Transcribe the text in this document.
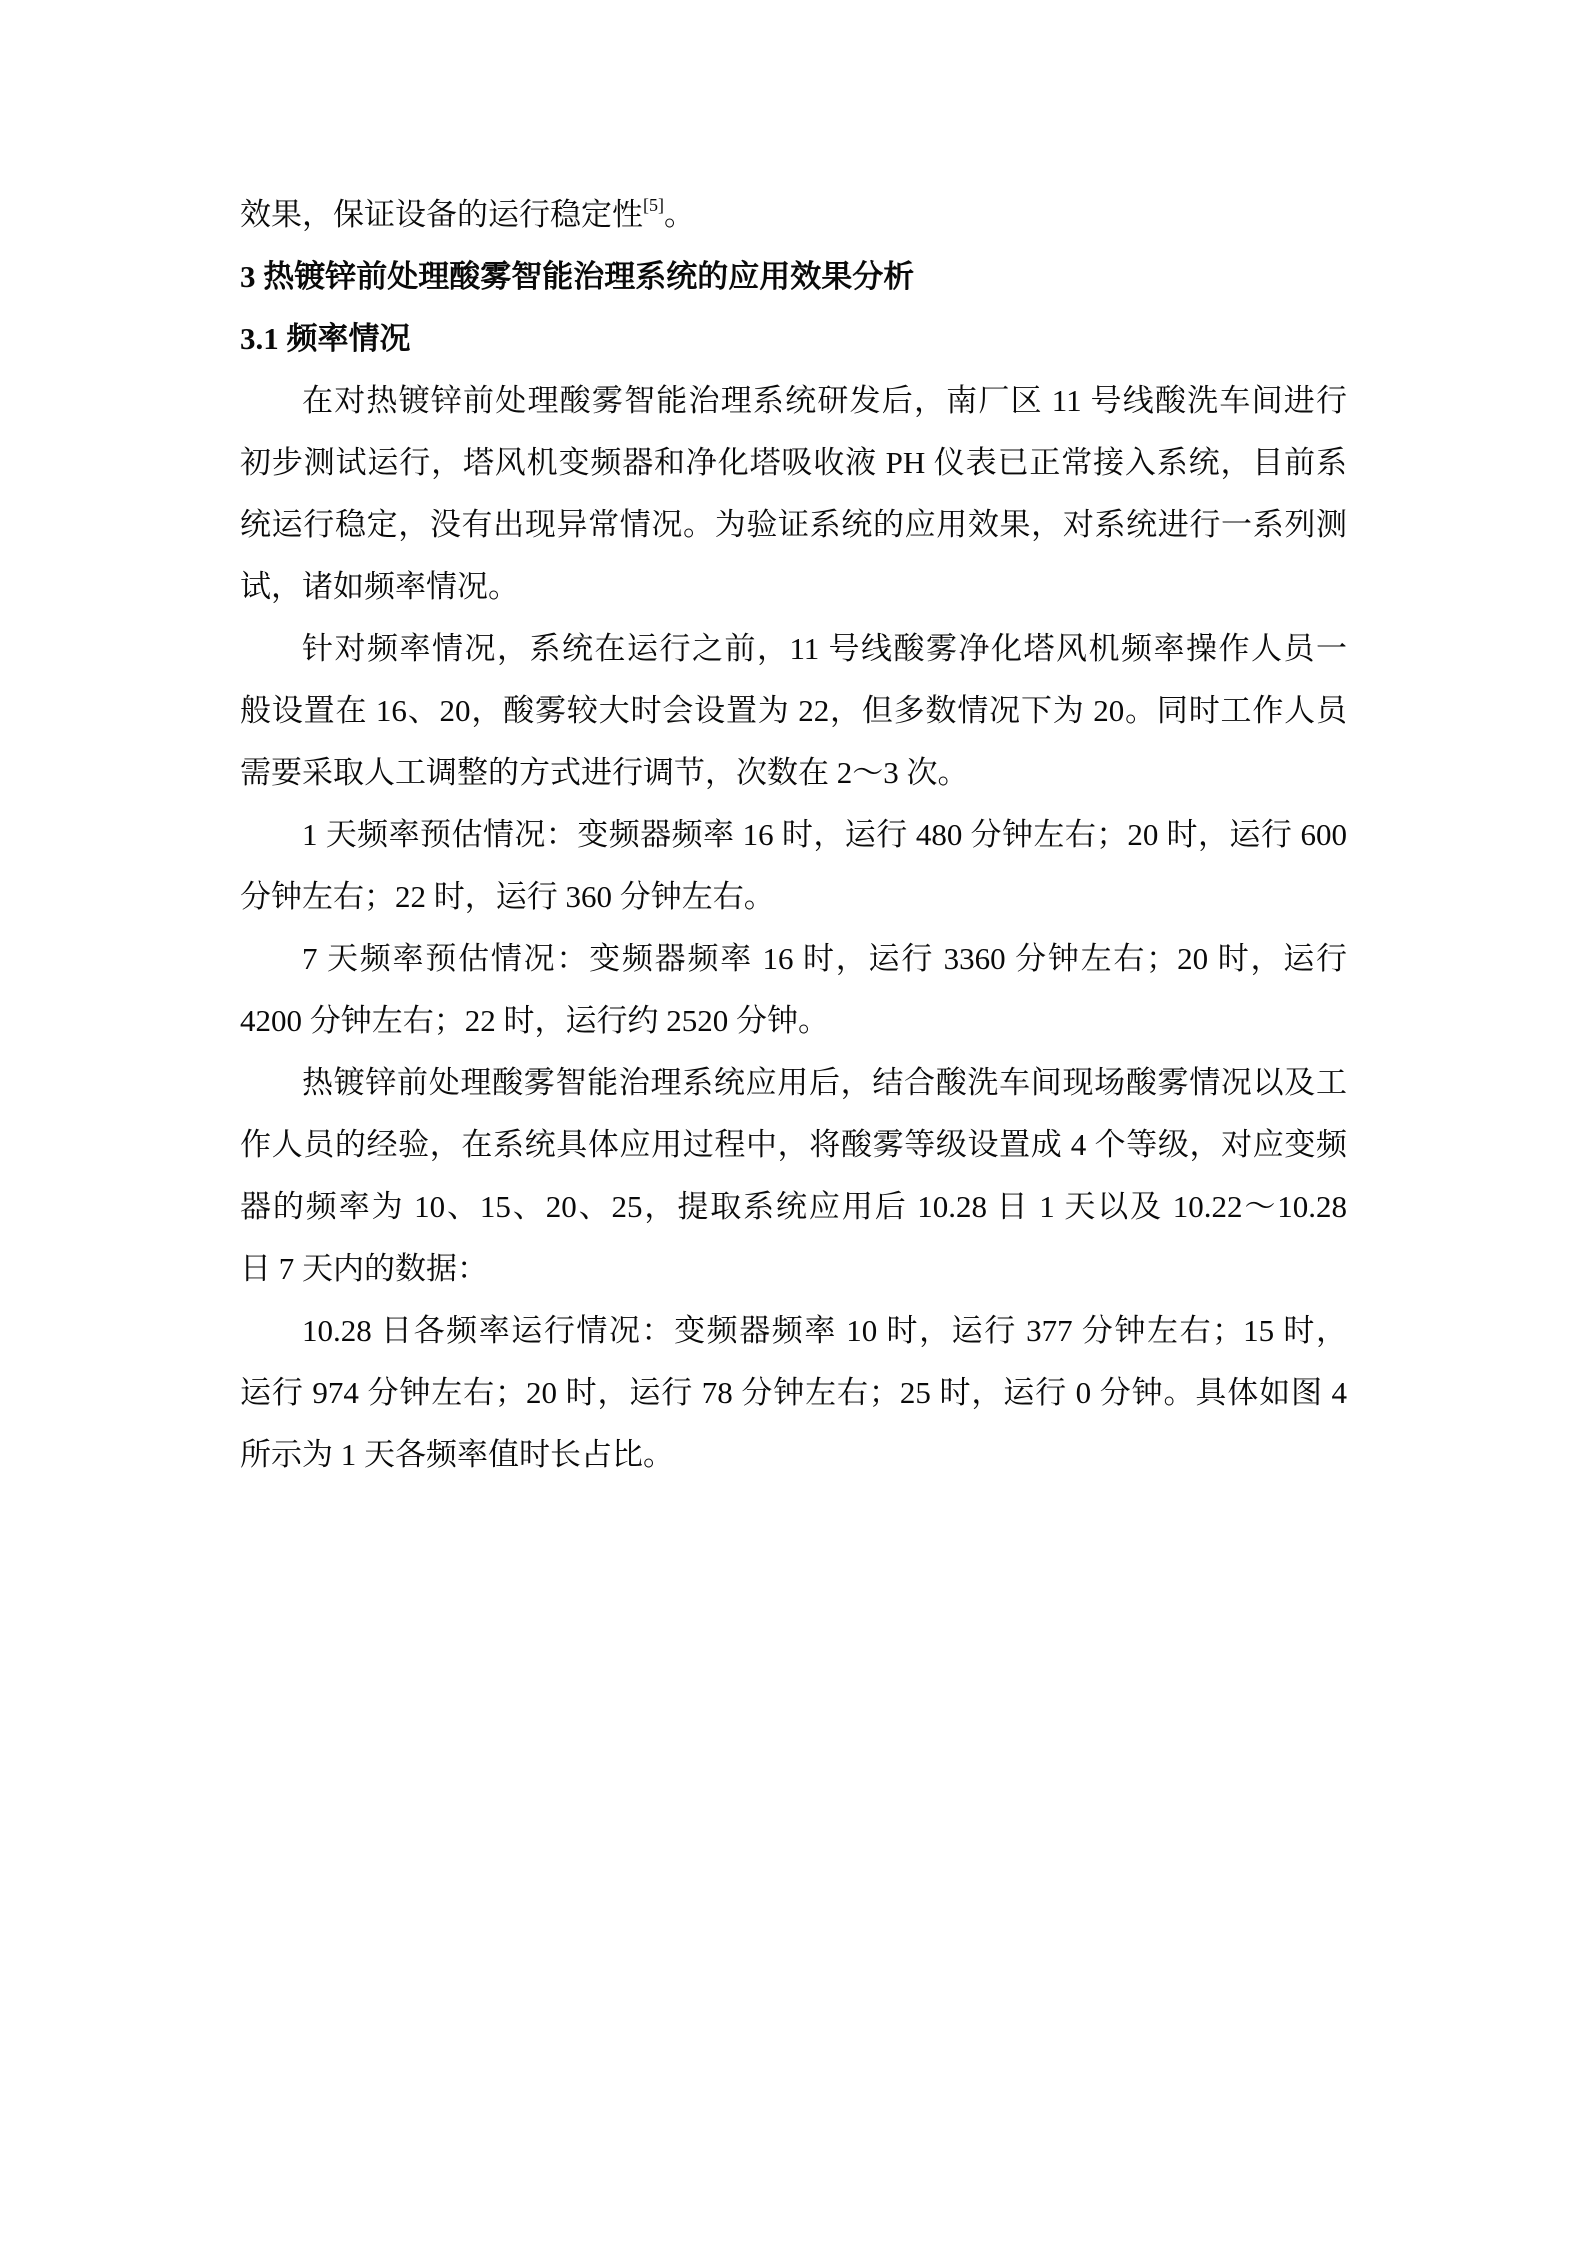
效果，保证设备的运行稳定性[5]。
3 热镀锌前处理酸雾智能治理系统的应用效果分析
3.1 频率情况
在对热镀锌前处理酸雾智能治理系统研发后，南厂区 11 号线酸洗车间进行
初步测试运行，塔风机变频器和净化塔吸收液 PH 仪表已正常接入系统，目前系
统运行稳定，没有出现异常情况。为验证系统的应用效果，对系统进行一系列测
试，诸如频率情况。
针对频率情况，系统在运行之前，11 号线酸雾净化塔风机频率操作人员一
般设置在 16、20，酸雾较大时会设置为 22，但多数情况下为 20。同时工作人员
需要采取人工调整的方式进行调节，次数在 2～3 次。
1 天频率预估情况：变频器频率 16 时，运行 480 分钟左右；20 时，运行 600
分钟左右；22 时，运行 360 分钟左右。
7 天频率预估情况：变频器频率 16 时，运行 3360 分钟左右；20 时，运行
4200 分钟左右；22 时，运行约 2520 分钟。
热镀锌前处理酸雾智能治理系统应用后，结合酸洗车间现场酸雾情况以及工
作人员的经验，在系统具体应用过程中，将酸雾等级设置成 4 个等级，对应变频
器的频率为 10、15、20、25，提取系统应用后 10.28 日 1 天以及 10.22～10.28
日 7 天内的数据：
10.28 日各频率运行情况：变频器频率 10 时，运行 377 分钟左右；15 时，
运行 974 分钟左右；20 时，运行 78 分钟左右；25 时，运行 0 分钟。具体如图 4
所示为 1 天各频率值时长占比。
